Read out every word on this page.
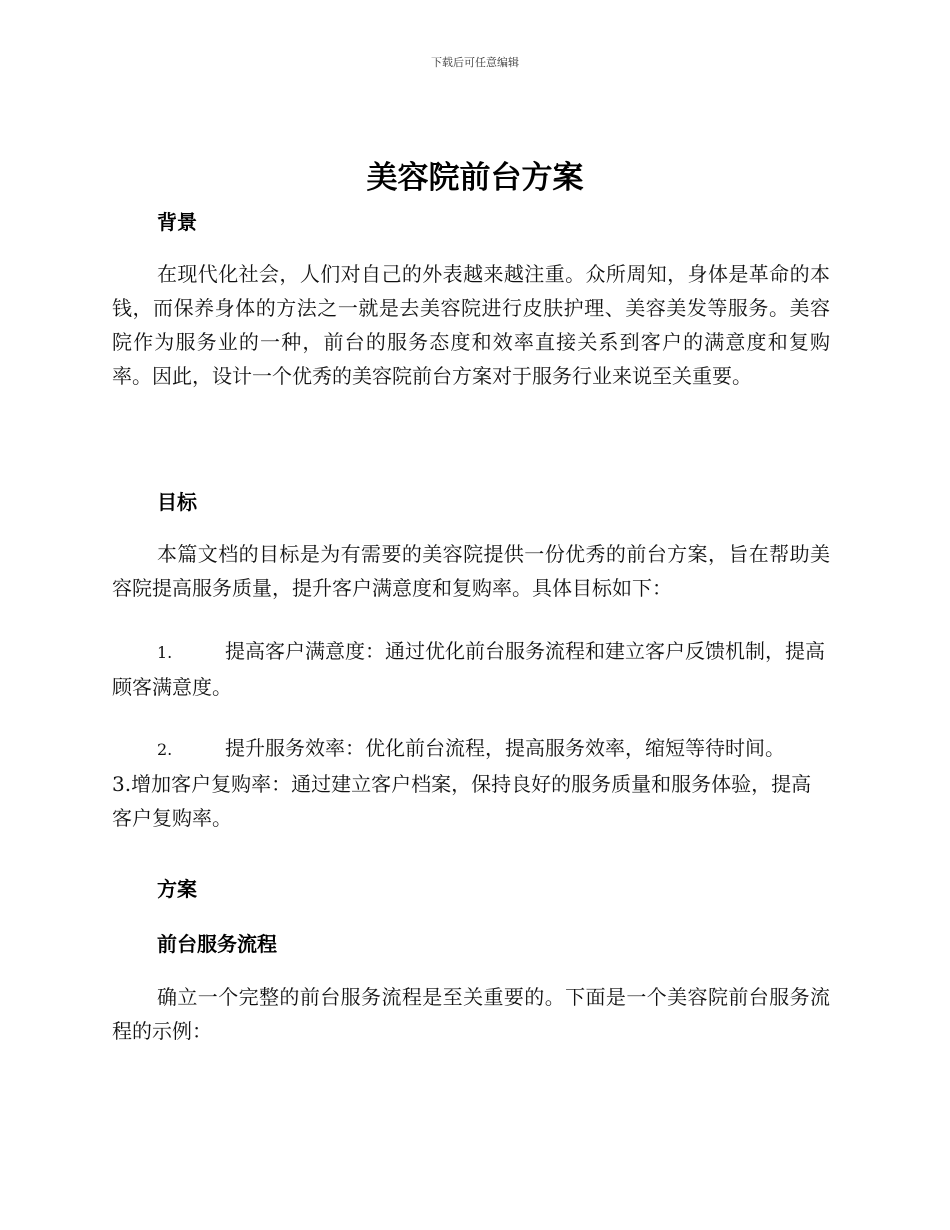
下载后可任意编辑
美容院前台方案
背景
在现代化社会，人们对自己的外表越来越注重。众所周知，身体是革命的本钱，而保养身体的方法之一就是去美容院进行皮肤护理、美容美发等服务。美容院作为服务业的一种，前台的服务态度和效率直接关系到客户的满意度和复购率。因此，设计一个优秀的美容院前台方案对于服务行业来说至关重要。
目标
本篇文档的目标是为有需要的美容院提供一份优秀的前台方案，旨在帮助美容院提高服务质量，提升客户满意度和复购率。具体目标如下：
1.	提高客户满意度：通过优化前台服务流程和建立客户反馈机制，提高顾客满意度。
2.	提升服务效率：优化前台流程，提高服务效率，缩短等待时间。
3.增加客户复购率：通过建立客户档案，保持良好的服务质量和服务体验，提高客户复购率。
方案
前台服务流程
确立一个完整的前台服务流程是至关重要的。下面是一个美容院前台服务流程的示例：
